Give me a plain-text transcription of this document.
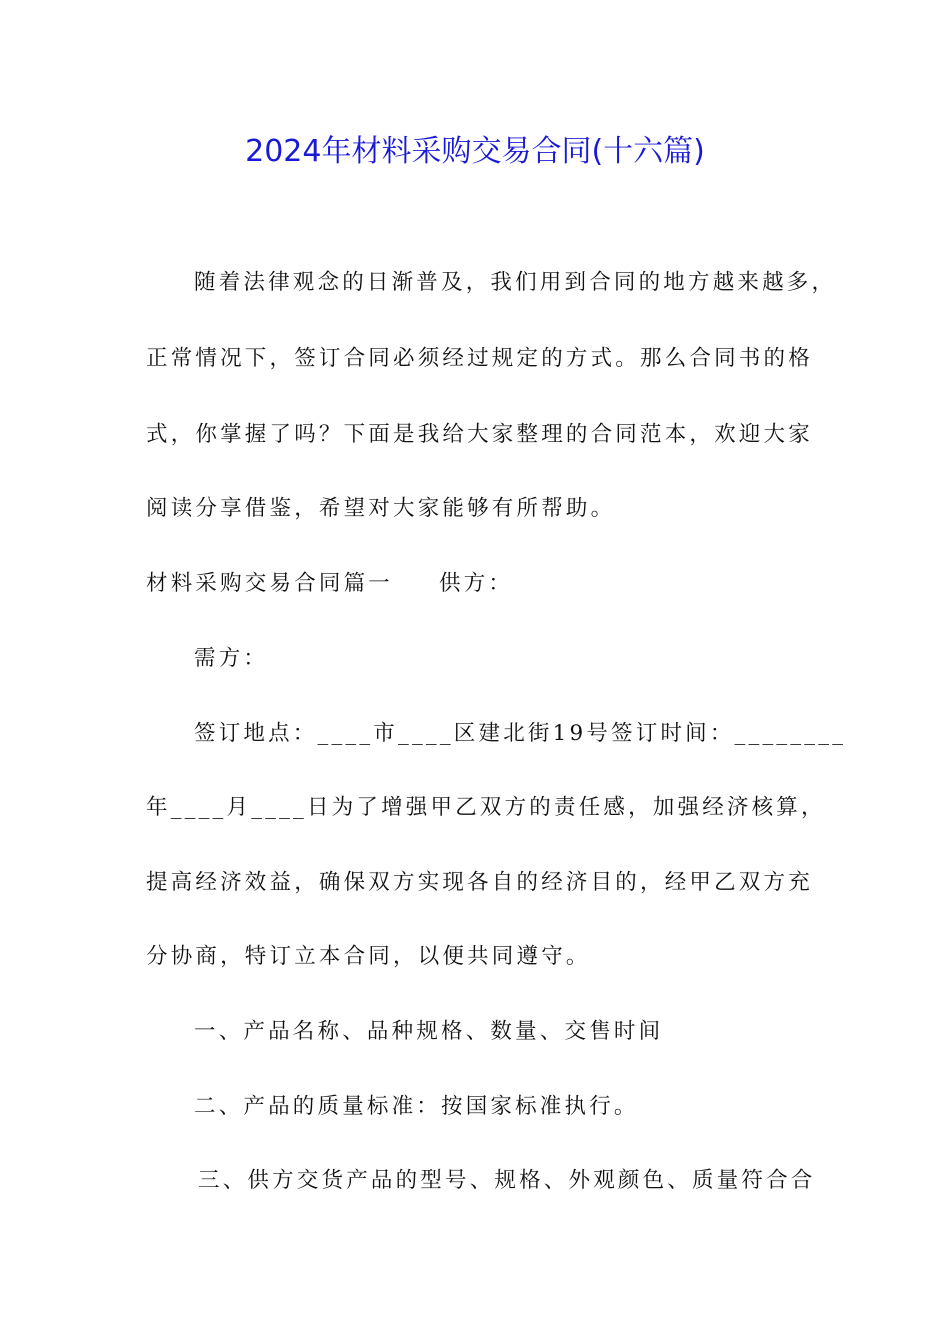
2024年材料采购交易合同(十六篇)
随着法律观念的日渐普及，我们用到合同的地方越来越多，
正常情况下，签订合同必须经过规定的方式。那么合同书的格
式，你掌握了吗？下面是我给大家整理的合同范本，欢迎大家
阅读分享借鉴，希望对大家能够有所帮助。
材料采购交易合同篇一 供方：
需方：
签订地点：____市____区建北街19号签订时间：________
年____月____日为了增强甲乙双方的责任感，加强经济核算，
提高经济效益，确保双方实现各自的经济目的，经甲乙双方充
分协商，特订立本合同，以便共同遵守。
一、产品名称、品种规格、数量、交售时间
二、产品的质量标准：按国家标准执行。
三、供方交货产品的型号、规格、外观颜色、质量符合合
